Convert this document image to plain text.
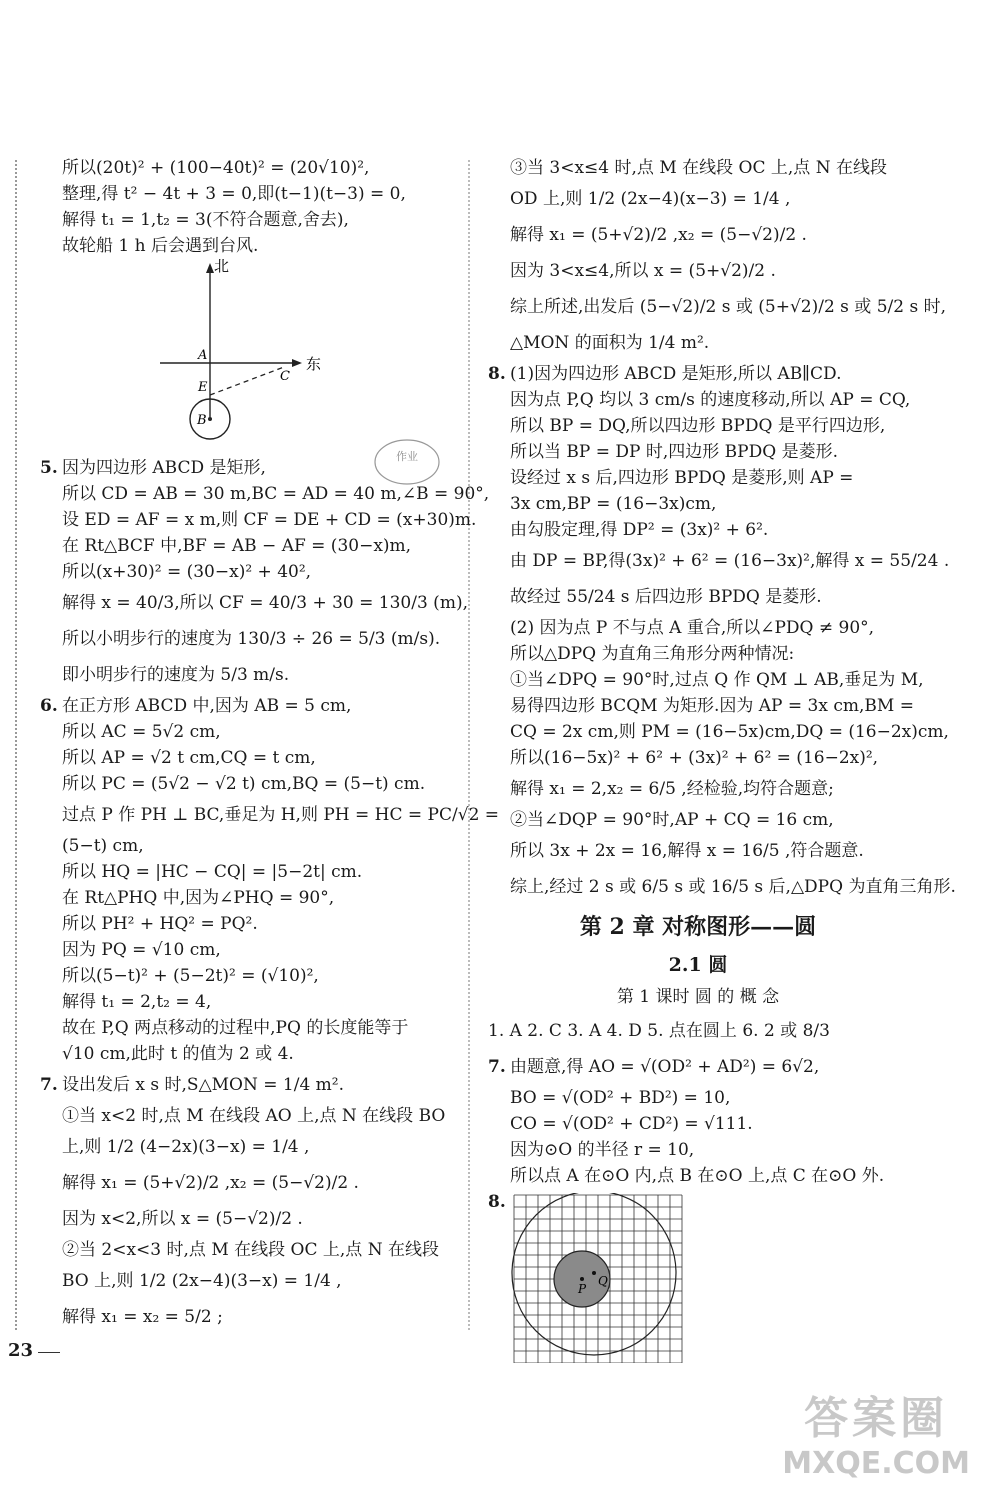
所以(20t)² + (100−40t)² = (20√10)²,
整理,得 t² − 4t + 3 = 0,即(t−1)(t−3) = 0,
解得 t₁ = 1,t₂ = 3(不符合题意,舍去),
故轮船 1 h 后会遇到台风.
北
东
A
C
E
B
5. 因为四边形 ABCD 是矩形,
所以 CD = AB = 30 m,BC = AD = 40 m,∠B = 90°,
设 ED = AF = x m,则 CF = DE + CD = (x+30)m.
在 Rt△BCF 中,BF = AB − AF = (30−x)m,
所以(x+30)² = (30−x)² + 40²,
解得 x = 40/3,所以 CF = 40/3 + 30 = 130/3 (m),
所以小明步行的速度为 130/3 ÷ 26 = 5/3 (m/s).
即小明步行的速度为 5/3 m/s.
6. 在正方形 ABCD 中,因为 AB = 5 cm,
所以 AC = 5√2 cm,
所以 AP = √2 t cm,CQ = t cm,
所以 PC = (5√2 − √2 t) cm,BQ = (5−t) cm.
过点 P 作 PH ⊥ BC,垂足为 H,则 PH = HC = PC/√2 =
(5−t) cm,
所以 HQ = |HC − CQ| = |5−2t| cm.
在 Rt△PHQ 中,因为∠PHQ = 90°,
所以 PH² + HQ² = PQ².
因为 PQ = √10 cm,
所以(5−t)² + (5−2t)² = (√10)²,
解得 t₁ = 2,t₂ = 4,
故在 P,Q 两点移动的过程中,PQ 的长度能等于
√10 cm,此时 t 的值为 2 或 4.
7. 设出发后 x s 时,S△MON = 1/4 m².
①当 x<2 时,点 M 在线段 AO 上,点 N 在线段 BO
上,则 1/2 (4−2x)(3−x) = 1/4 ,
解得 x₁ = (5+√2)/2 ,x₂ = (5−√2)/2 .
因为 x<2,所以 x = (5−√2)/2 .
②当 2<x<3 时,点 M 在线段 OC 上,点 N 在线段
BO 上,则 1/2 (2x−4)(3−x) = 1/4 ,
解得 x₁ = x₂ = 5/2 ;
③当 3<x≤4 时,点 M 在线段 OC 上,点 N 在线段
OD 上,则 1/2 (2x−4)(x−3) = 1/4 ,
解得 x₁ = (5+√2)/2 ,x₂ = (5−√2)/2 .
因为 3<x≤4,所以 x = (5+√2)/2 .
综上所述,出发后 (5−√2)/2 s 或 (5+√2)/2 s 或 5/2 s 时,
△MON 的面积为 1/4 m².
8. (1)因为四边形 ABCD 是矩形,所以 AB∥CD.
因为点 P,Q 均以 3 cm/s 的速度移动,所以 AP = CQ,
所以 BP = DQ,所以四边形 BPDQ 是平行四边形,
所以当 BP = DP 时,四边形 BPDQ 是菱形.
设经过 x s 后,四边形 BPDQ 是菱形,则 AP =
3x cm,BP = (16−3x)cm,
由勾股定理,得 DP² = (3x)² + 6².
由 DP = BP,得(3x)² + 6² = (16−3x)²,解得 x = 55/24 .
故经过 55/24 s 后四边形 BPDQ 是菱形.
(2) 因为点 P 不与点 A 重合,所以∠PDQ ≠ 90°,
所以△DPQ 为直角三角形分两种情况:
①当∠DPQ = 90°时,过点 Q 作 QM ⊥ AB,垂足为 M,
易得四边形 BCQM 为矩形.因为 AP = 3x cm,BM =
CQ = 2x cm,则 PM = (16−5x)cm,DQ = (16−2x)cm,
所以(16−5x)² + 6² + (3x)² + 6² = (16−2x)²,
解得 x₁ = 2,x₂ = 6/5 ,经检验,均符合题意;
②当∠DQP = 90°时,AP + CQ = 16 cm,
所以 3x + 2x = 16,解得 x = 16/5 ,符合题意.
综上,经过 2 s 或 6/5 s 或 16/5 s 后,△DPQ 为直角三角形.
第 2 章 对称图形——圆
2.1 圆
第 1 课时 圆 的 概 念
1. A 2. C 3. A 4. D 5. 点在圆上 6. 2 或 8/3
7. 由题意,得 AO = √(OD² + AD²) = 6√2,
BO = √(OD² + BD²) = 10,
CO = √(OD² + CD²) = √111.
因为⊙O 的半径 r = 10,
所以点 A 在⊙O 内,点 B 在⊙O 上,点 C 在⊙O 外.
8.
P
Q
作业
23
答案圈
MXQE.COM
